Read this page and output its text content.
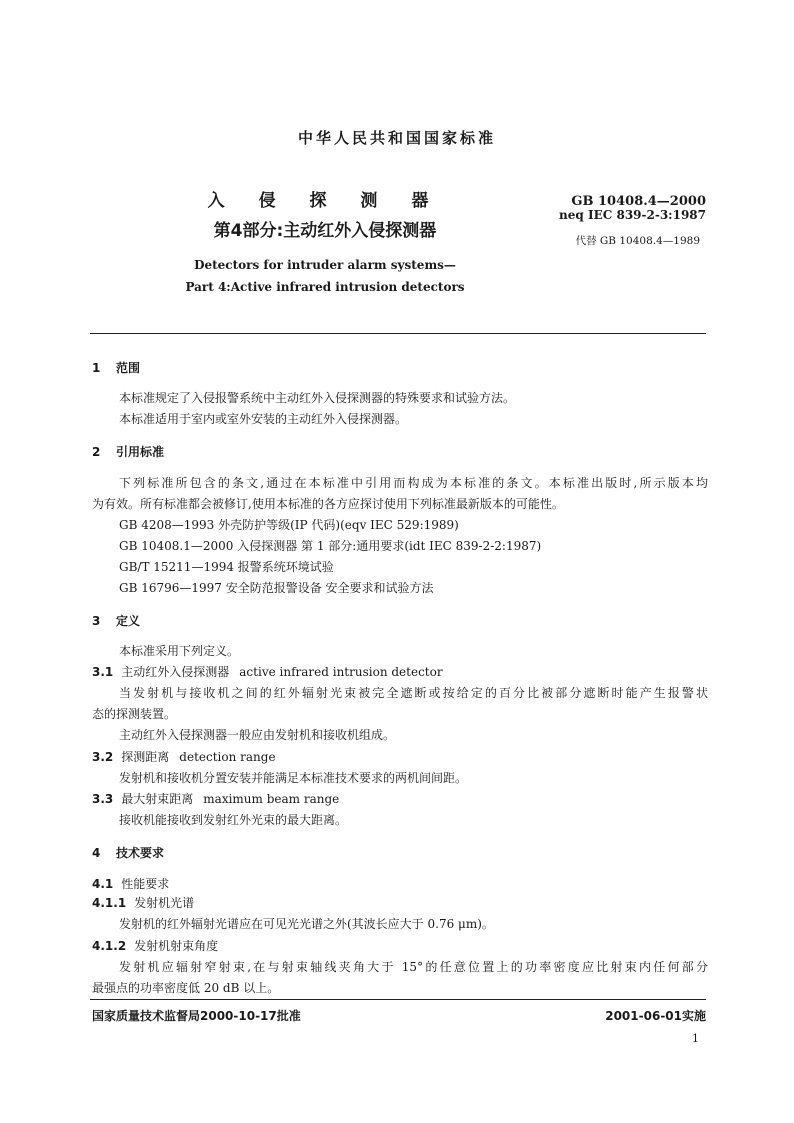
中华人民共和国国家标准
入 侵 探 测 器
第4部分:主动红外入侵探测器
Detectors for intruder alarm systems—
Part 4:Active infrared intrusion detectors
GB 10408.4—2000
neq IEC 839-2-3:1987
代替 GB 10408.4—1989
1 范围
本标准规定了入侵报警系统中主动红外入侵探测器的特殊要求和试验方法。
本标准适用于室内或室外安装的主动红外入侵探测器。
2 引用标准
下列标准所包含的条文,通过在本标准中引用而构成为本标准的条文。本标准出版时,所示版本均
为有效。所有标准都会被修订,使用本标准的各方应探讨使用下列标准最新版本的可能性。
GB 4208—1993 外壳防护等级(IP 代码)(eqv IEC 529:1989)
GB 10408.1—2000 入侵探测器 第 1 部分:通用要求(idt IEC 839-2-2:1987)
GB/T 15211—1994 报警系统环境试验
GB 16796—1997 安全防范报警设备 安全要求和试验方法
3 定义
本标准采用下列定义。
3.1 主动红外入侵探测器 active infrared intrusion detector
当发射机与接收机之间的红外辐射光束被完全遮断或按给定的百分比被部分遮断时能产生报警状
态的探测装置。
主动红外入侵探测器一般应由发射机和接收机组成。
3.2 探测距离 detection range
发射机和接收机分置安装并能满足本标准技术要求的两机间间距。
3.3 最大射束距离 maximum beam range
接收机能接收到发射红外光束的最大距离。
4 技术要求
4.1 性能要求
4.1.1 发射机光谱
发射机的红外辐射光谱应在可见光光谱之外(其波长应大于 0.76 μm)。
4.1.2 发射机射束角度
发射机应辐射窄射束,在与射束轴线夹角大于 15°的任意位置上的功率密度应比射束内任何部分
最强点的功率密度低 20 dB 以上。
国家质量技术监督局2000-10-17批准	2001-06-01实施
1
